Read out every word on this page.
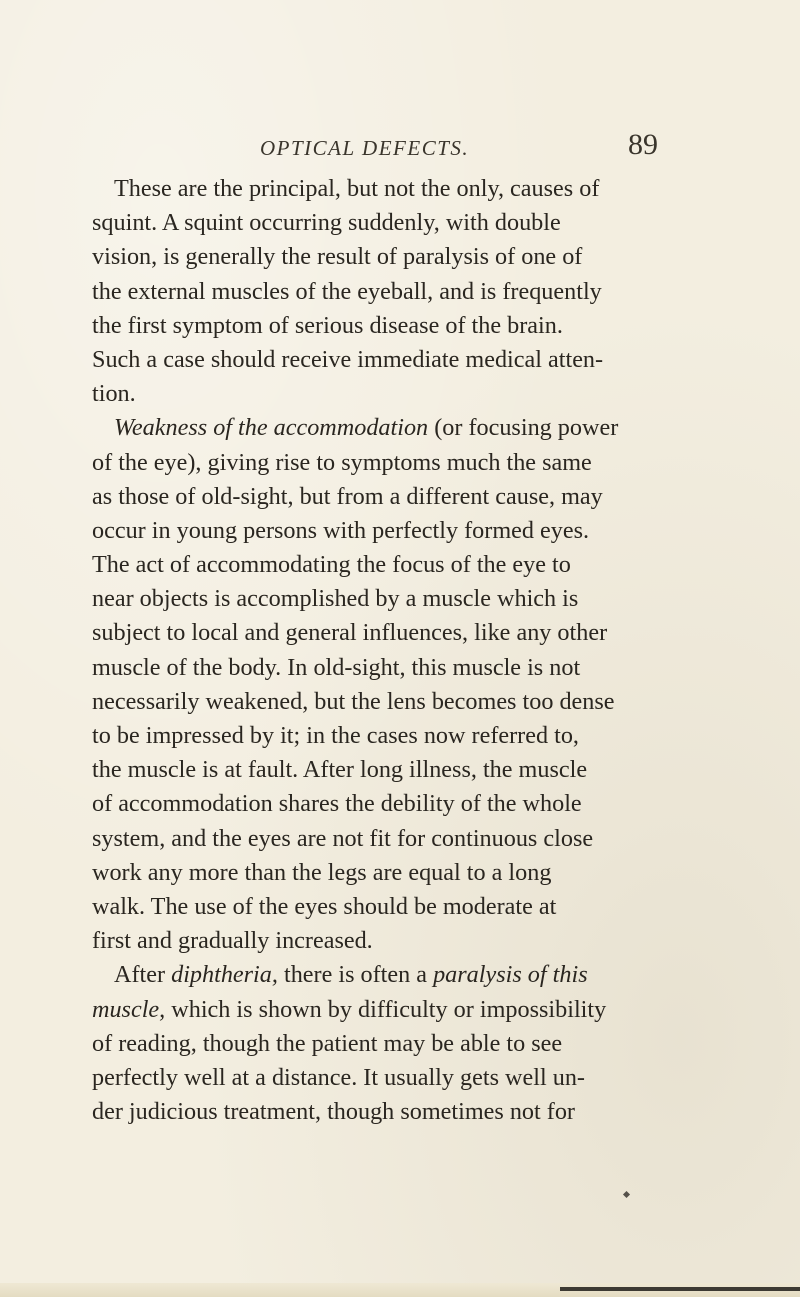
OPTICAL DEFECTS.	89
These are the principal, but not the only, causes of
squint. A squint occurring suddenly, with double
vision, is generally the result of paralysis of one of
the external muscles of the eyeball, and is frequently
the first symptom of serious disease of the brain.
Such a case should receive immediate medical atten-
tion.
Weakness of the accommodation (or focusing power
of the eye), giving rise to symptoms much the same
as those of old-sight, but from a different cause, may
occur in young persons with perfectly formed eyes.
The act of accommodating the focus of the eye to
near objects is accomplished by a muscle which is
subject to local and general influences, like any other
muscle of the body. In old-sight, this muscle is not
necessarily weakened, but the lens becomes too dense
to be impressed by it; in the cases now referred to,
the muscle is at fault. After long illness, the muscle
of accommodation shares the debility of the whole
system, and the eyes are not fit for continuous close
work any more than the legs are equal to a long
walk. The use of the eyes should be moderate at
first and gradually increased.
After diphtheria, there is often a paralysis of this
muscle, which is shown by difficulty or impossibility
of reading, though the patient may be able to see
perfectly well at a distance. It usually gets well un-
der judicious treatment, though sometimes not for
